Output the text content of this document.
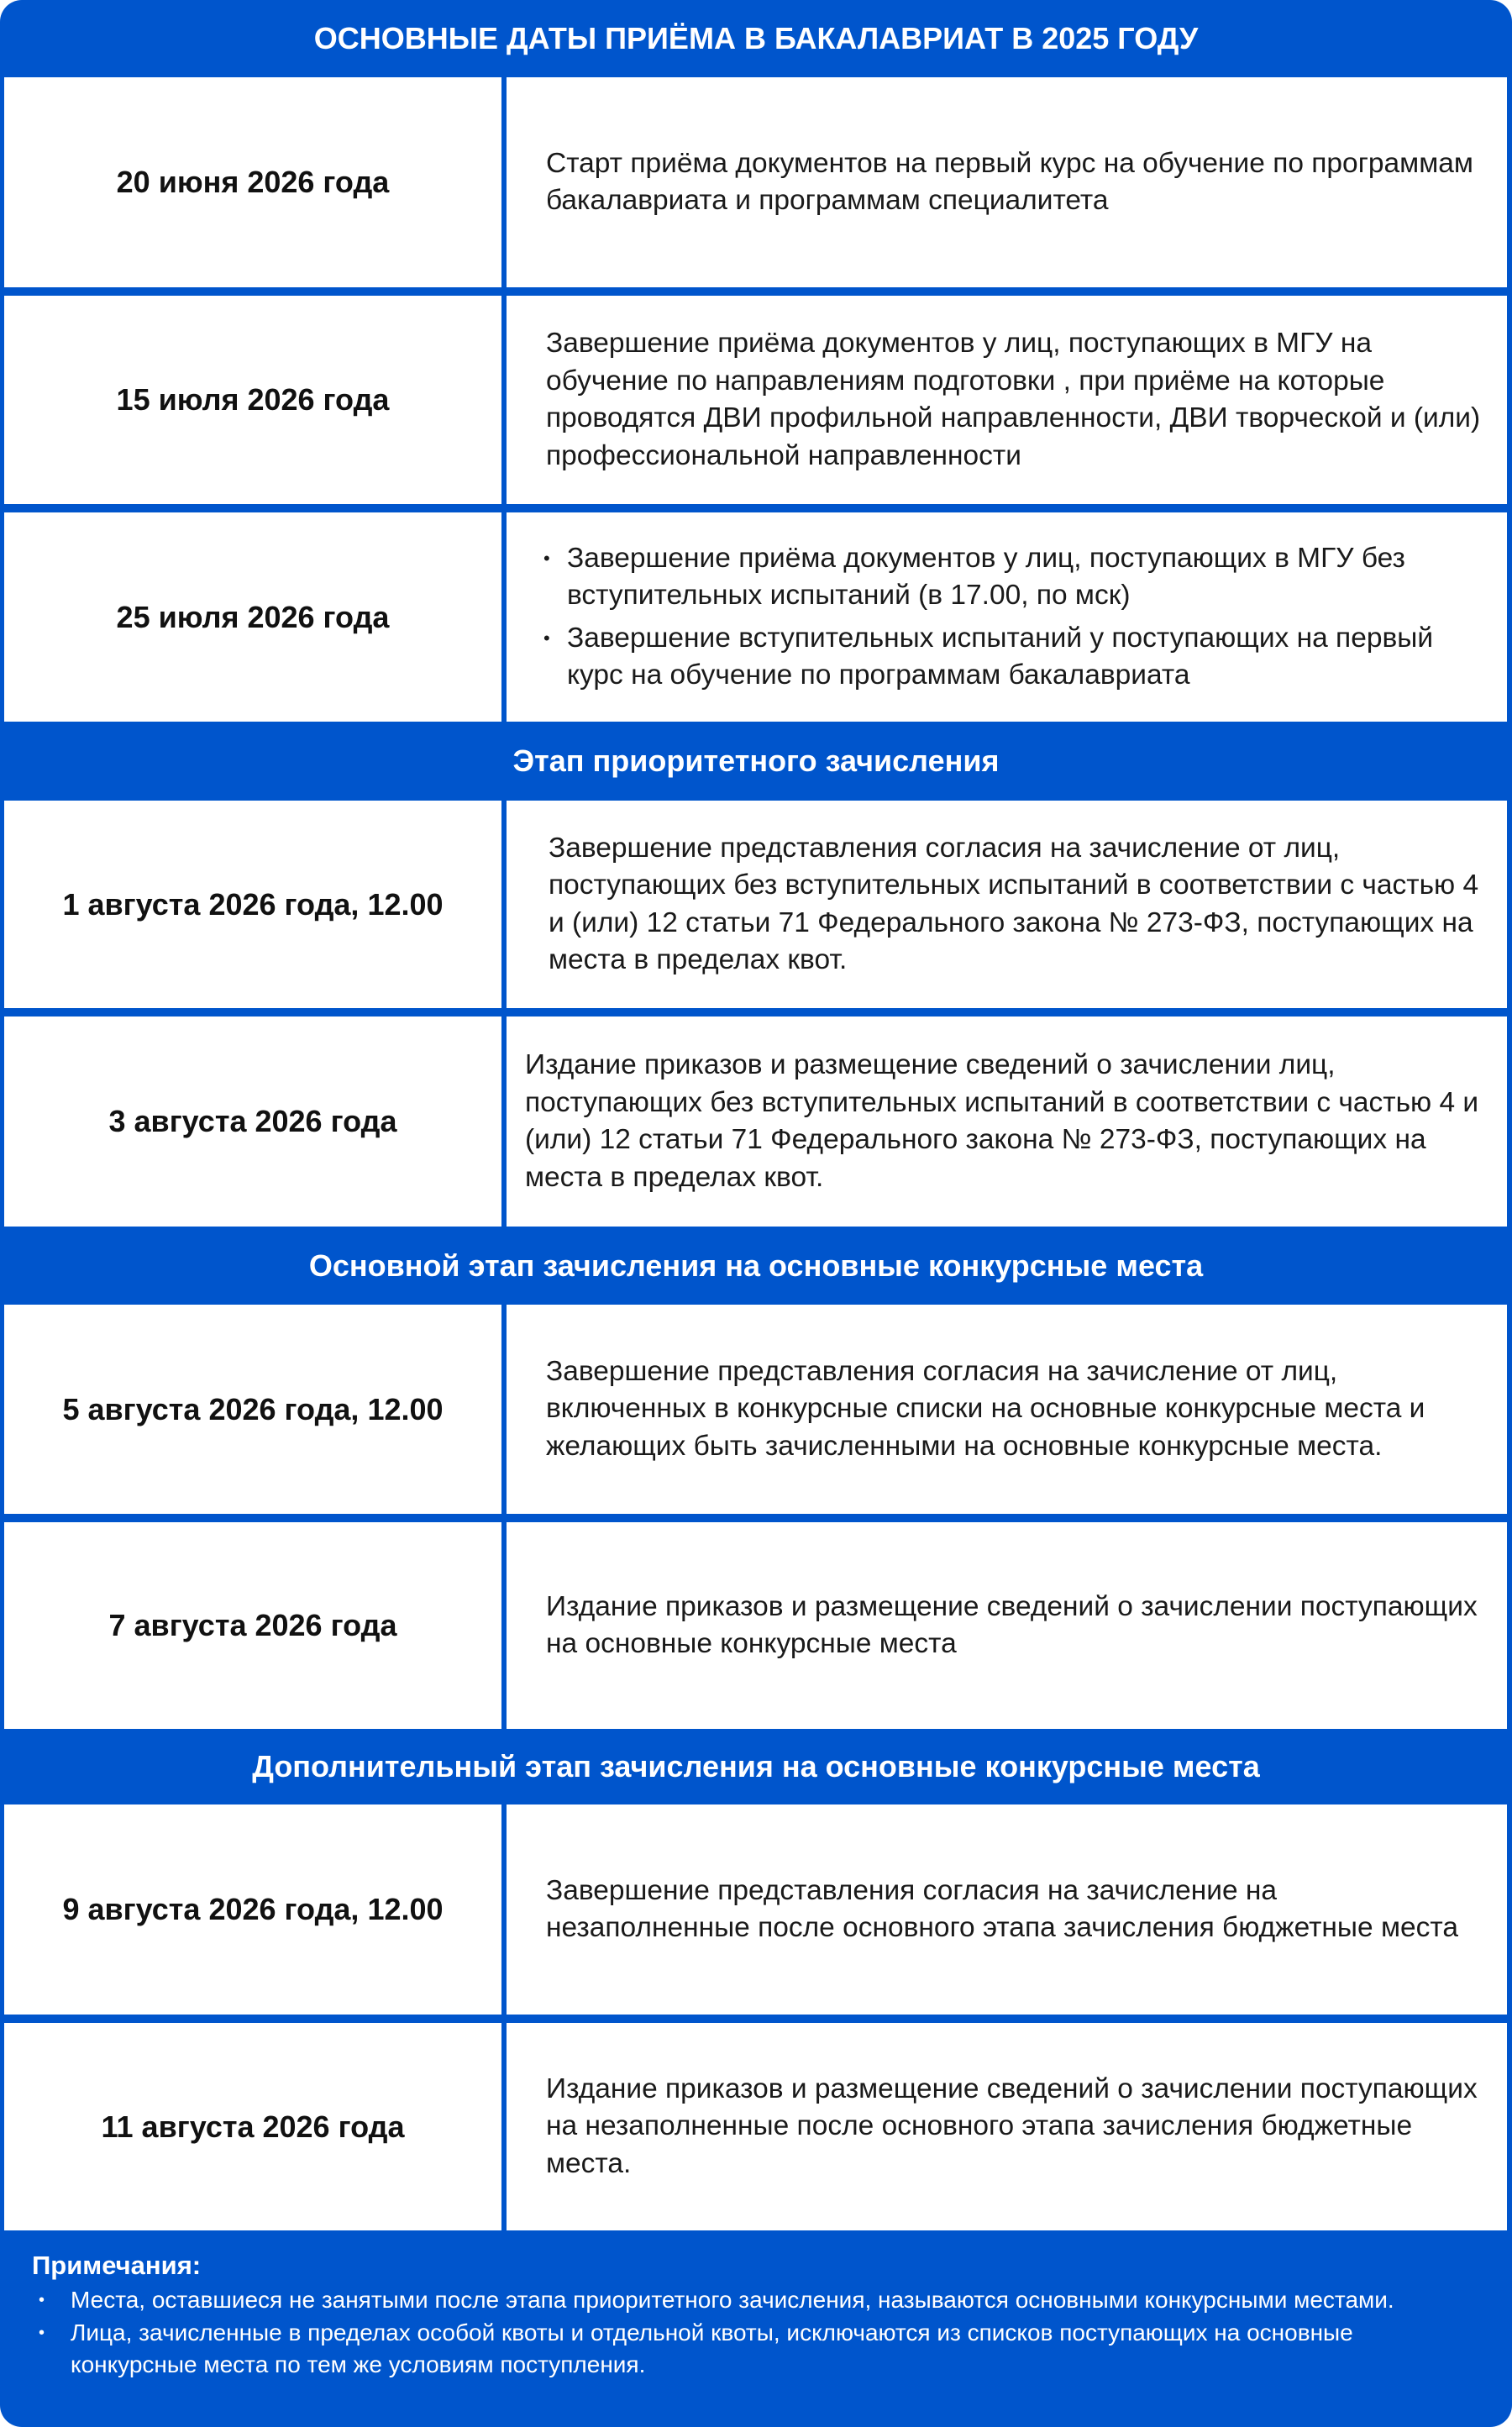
ОСНОВНЫЕ ДАТЫ ПРИЁМА В БАКАЛАВРИАТ В 2025 ГОДУ
20 июня 2026 года
Старт приёма документов на первый курс на обучение по программам бакалавриата и программам специалитета
15 июля 2026 года
Завершение приёма документов у лиц, поступающих в МГУ на обучение по направлениям подготовки , при приёме на которые проводятся ДВИ профильной направленности, ДВИ творческой и (или) профессиональной направленности
25 июля 2026 года
• Завершение приёма документов у лиц, поступающих в МГУ без вступительных испытаний (в 17.00, по мск)
• Завершение вступительных испытаний у поступающих на первый курс на обучение по программам бакалавриата
Этап приоритетного зачисления
1 августа 2026 года, 12.00
Завершение представления согласия на зачисление от лиц, поступающих без вступительных испытаний в соответствии с частью 4 и (или) 12 статьи 71 Федерального закона № 273-ФЗ, поступающих на места в пределах квот.
3 августа 2026 года
Издание приказов и размещение сведений о зачислении лиц, поступающих без вступительных испытаний в соответствии с частью 4 и (или) 12 статьи 71 Федерального закона № 273-ФЗ, поступающих на места в пределах квот.
Основной этап зачисления на основные конкурсные места
5 августа 2026 года, 12.00
Завершение представления согласия на зачисление от лиц, включенных в конкурсные списки на основные конкурсные места и желающих быть зачисленными на основные конкурсные места.
7 августа 2026 года
Издание приказов и размещение сведений о зачислении поступающих на основные конкурсные места
Дополнительный этап зачисления на основные конкурсные места
9 августа 2026 года, 12.00
Завершение представления согласия на зачисление на незаполненные после основного этапа зачисления бюджетные места
11 августа 2026 года
Издание приказов и размещение сведений о зачислении поступающих на незаполненные после основного этапа зачисления бюджетные места.
Примечания:
• Места, оставшиеся не занятыми после этапа приоритетного зачисления, называются основными конкурсными местами.
• Лица, зачисленные в пределах особой квоты и отдельной квоты, исключаются из списков поступающих на основные конкурсные места по тем же условиям поступления.
